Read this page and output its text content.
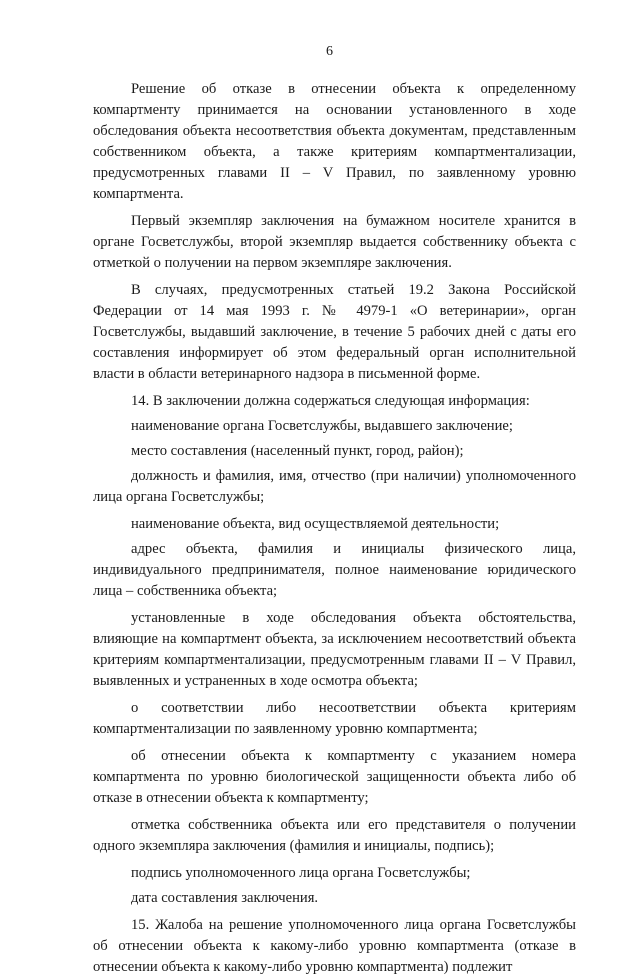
6

Решение об отказе в отнесении объекта к определенному компартменту принимается на основании установленного в ходе обследования объекта несоответствия объекта документам, представленным собственником объекта, а также критериям компартментализации, предусмотренных главами II – V Правил, по заявленному уровню компартмента.

Первый экземпляр заключения на бумажном носителе хранится в органе Госветслужбы, второй экземпляр выдается собственнику объекта с отметкой о получении на первом экземпляре заключения.

В случаях, предусмотренных статьей 19.2 Закона Российской Федерации от 14 мая 1993 г. № 4979-1 «О ветеринарии», орган Госветслужбы, выдавший заключение, в течение 5 рабочих дней с даты его составления информирует об этом федеральный орган исполнительной власти в области ветеринарного надзора в письменной форме.

14. В заключении должна содержаться следующая информация:

наименование органа Госветслужбы, выдавшего заключение;

место составления (населенный пункт, город, район);

должность и фамилия, имя, отчество (при наличии) уполномоченного лица органа Госветслужбы;

наименование объекта, вид осуществляемой деятельности;

адрес объекта, фамилия и инициалы физического лица, индивидуального предпринимателя, полное наименование юридического лица – собственника объекта;

установленные в ходе обследования объекта обстоятельства, влияющие на компартмент объекта, за исключением несоответствий объекта критериям компартментализации, предусмотренным главами II – V Правил, выявленных и устраненных в ходе осмотра объекта;

о соответствии либо несоответствии объекта критериям компартментализации по заявленному уровню компартмента;

об отнесении объекта к компартменту с указанием номера компартмента по уровню биологической защищенности объекта либо об отказе в отнесении объекта к компартменту;

отметка собственника объекта или его представителя о получении одного экземпляра заключения (фамилия и инициалы, подпись);

подпись уполномоченного лица органа Госветслужбы;

дата составления заключения.

15. Жалоба на решение уполномоченного лица органа Госветслужбы об отнесении объекта к какому-либо уровню компартмента (отказе в отнесении объекта к какому-либо уровню компартмента) подлежит
